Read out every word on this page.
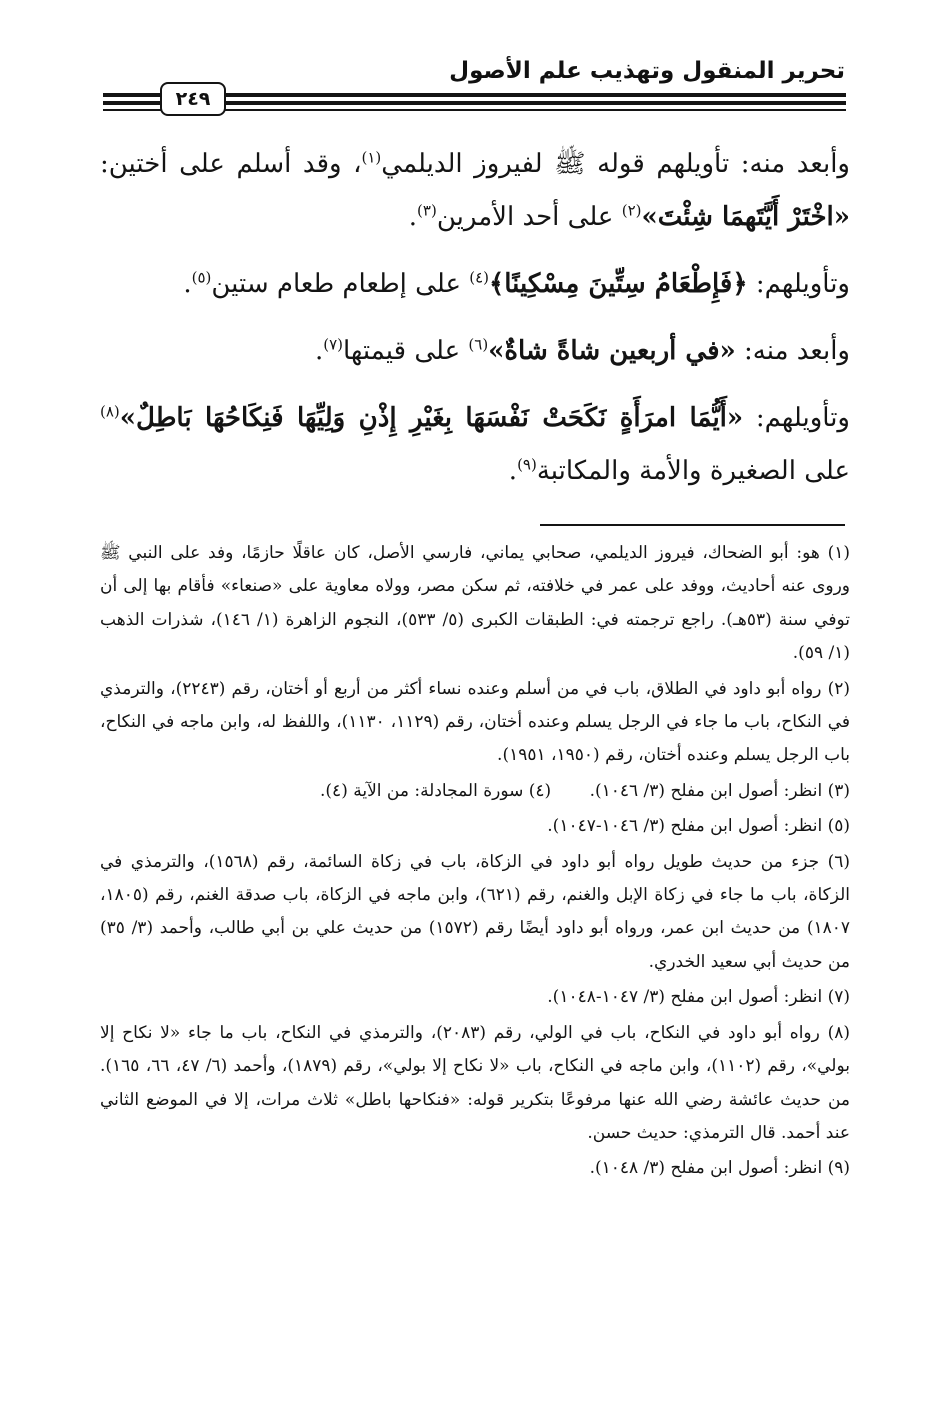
تحرير المنقول وتهذيب علم الأصول
٢٤٩

وأبعد منه: تأويلهم قوله ﷺ لفيروز الديلمي$^{(١)}$، وقد أسلم على أختين: «اخْتَرْ أَيَّتَهمَا شِئْتَ»$^{(٢)}$ على أحد الأمرين$^{(٣)}$.

وتأويلهم: ﴿فَإِطْعَامُ سِتِّينَ مِسْكِينًا﴾$^{(٤)}$ على إطعام طعام ستين$^{(٥)}$.

وأبعد منه: «في أربعين شاةً شاةٌ»$^{(٦)}$ على قيمتها$^{(٧)}$.

وتأويلهم: «أَيُّمَا امرَأَةٍ نَكَحَتْ نَفْسَهَا بِغَيْرِ إِذْنِ وَلِيِّهَا فَنِكَاحُهَا بَاطِلٌ»$^{(٨)}$ على الصغيرة والأمة والمكاتبة$^{(٩)}$.

(١) هو: أبو الضحاك، فيروز الديلمي، صحابي يماني، فارسي الأصل، كان عاقلًا حازمًا، وفد على النبي ﷺ وروى عنه أحاديث، ووفد على عمر في خلافته، ثم سكن مصر، وولاه معاوية على «صنعاء» فأقام بها إلى أن توفي سنة (٥٣هـ). راجع ترجمته في: الطبقات الكبرى (٥/ ٥٣٣)، النجوم الزاهرة (١/ ١٤٦)، شذرات الذهب (١/ ٥٩).

(٢) رواه أبو داود في الطلاق، باب في من أسلم وعنده نساء أكثر من أربع أو أختان، رقم (٢٢٤٣)، والترمذي في النكاح، باب ما جاء في الرجل يسلم وعنده أختان، رقم (١١٢٩، ١١٣٠)، واللفظ له، وابن ماجه في النكاح، باب الرجل يسلم وعنده أختان، رقم (١٩٥٠، ١٩٥١).

(٣) انظر: أصول ابن مفلح (٣/ ١٠٤٦).

(٤) سورة المجادلة: من الآية (٤).

(٥) انظر: أصول ابن مفلح (٣/ ١٠٤٦-١٠٤٧).

(٦) جزء من حديث طويل رواه أبو داود في الزكاة، باب في زكاة السائمة، رقم (١٥٦٨)، والترمذي في الزكاة، باب ما جاء في زكاة الإبل والغنم، رقم (٦٢١)، وابن ماجه في الزكاة، باب صدقة الغنم، رقم (١٨٠٥، ١٨٠٧) من حديث ابن عمر، ورواه أبو داود أيضًا رقم (١٥٧٢) من حديث علي بن أبي طالب، وأحمد (٣/ ٣٥) من حديث أبي سعيد الخدري.

(٧) انظر: أصول ابن مفلح (٣/ ١٠٤٧-١٠٤٨).

(٨) رواه أبو داود في النكاح، باب في الولي، رقم (٢٠٨٣)، والترمذي في النكاح، باب ما جاء «لا نكاح إلا بولي»، رقم (١١٠٢)، وابن ماجه في النكاح، باب «لا نكاح إلا بولي»، رقم (١٨٧٩)، وأحمد (٦/ ٤٧، ٦٦، ١٦٥). من حديث عائشة رضي الله عنها مرفوعًا بتكرير قوله: «فنكاحها باطل» ثلاث مرات، إلا في الموضع الثاني عند أحمد. قال الترمذي: حديث حسن.

(٩) انظر: أصول ابن مفلح (٣/ ١٠٤٨).
